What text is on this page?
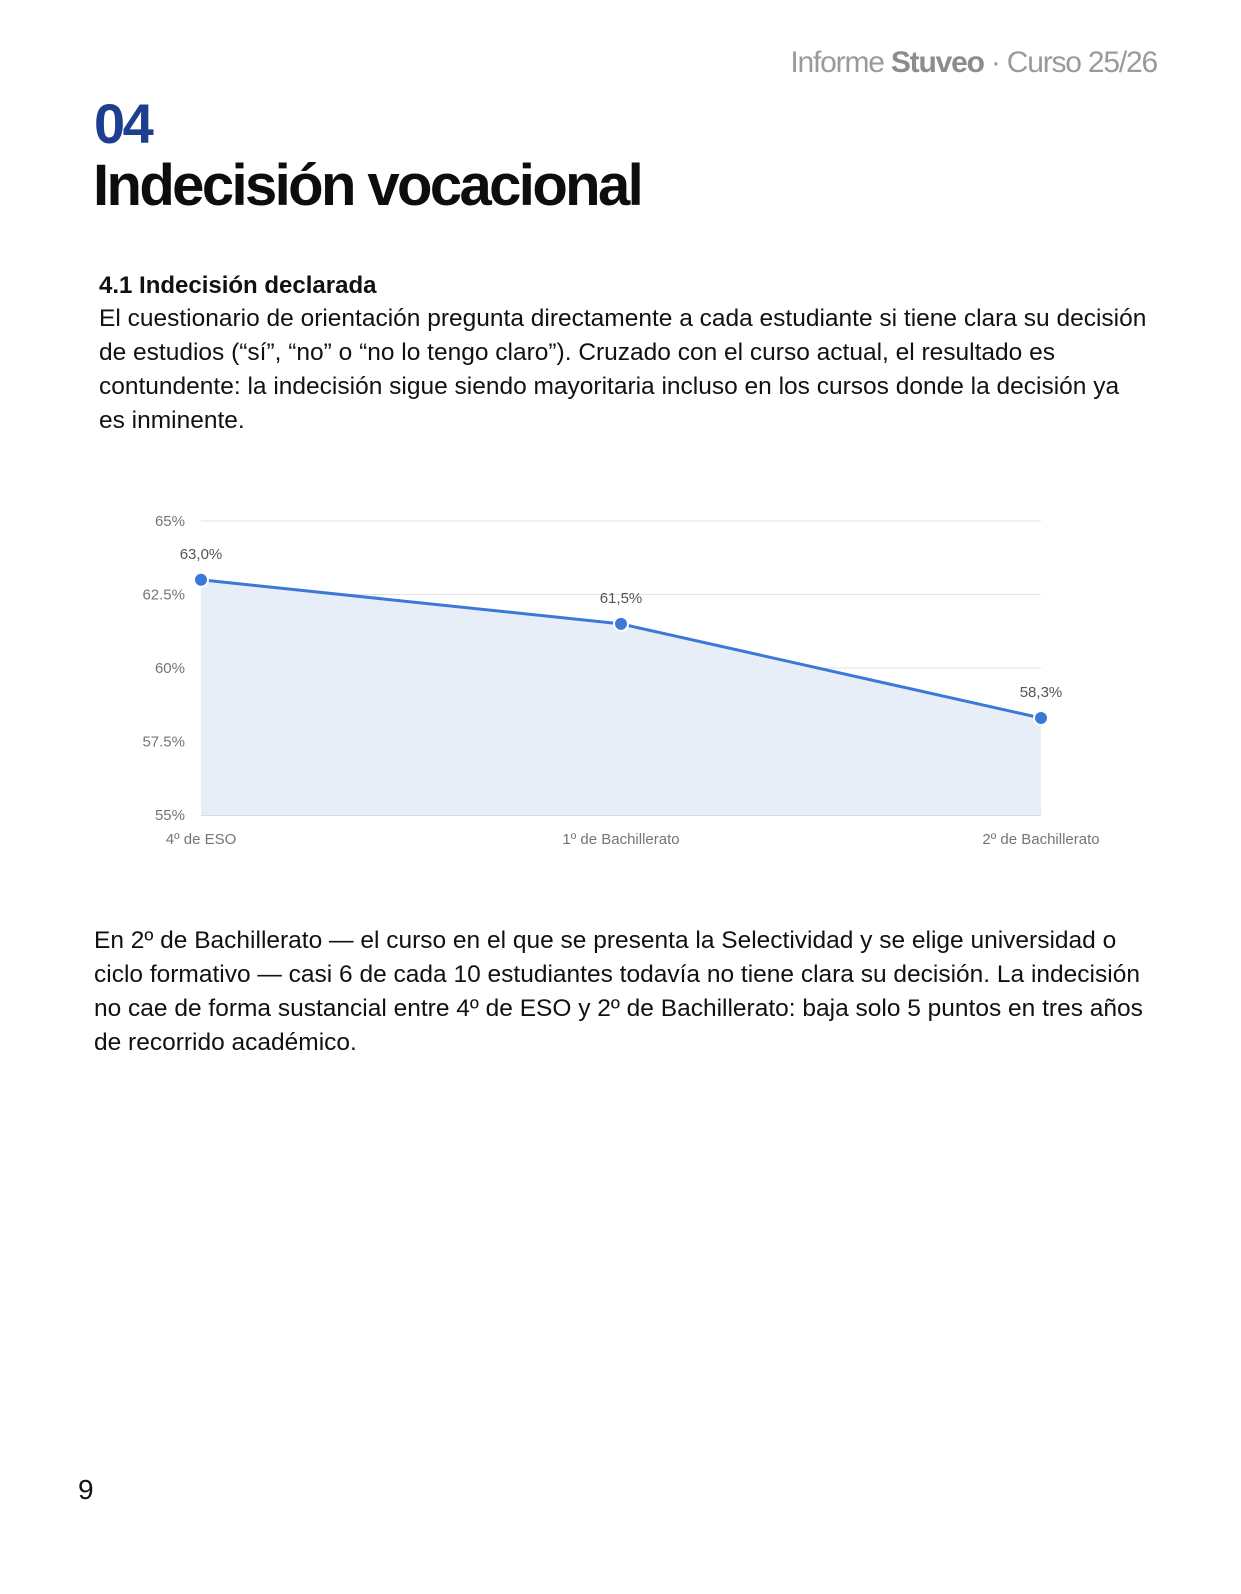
Informe Stuveo · Curso 25/26
04
Indecisión vocacional

4.1 Indecisión declarada

El cuestionario de orientación pregunta directamente a cada estudiante si tiene clara su decisión de estudios (“sí”, “no” o “no lo tengo claro”). Cruzado con el curso actual, el resultado es contundente: la indecisión sigue siendo mayoritaria incluso en los cursos donde la decisión ya es inminente.

65%
62.5%
60%
57.5%
55%
63,0%
4º de ESO
61,5%
1º de Bachillerato
58,3%
2º de Bachillerato

En 2º de Bachillerato — el curso en el que se presenta la Selectividad y se elige universidad o ciclo formativo — casi 6 de cada 10 estudiantes todavía no tiene clara su decisión. La indecisión no cae de forma sustancial entre 4º de ESO y 2º de Bachillerato: baja solo 5 puntos en tres años de recorrido académico.

9
